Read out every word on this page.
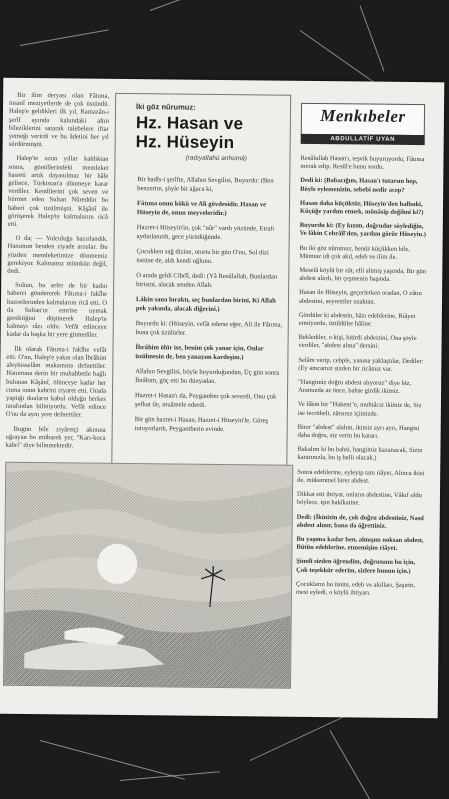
Bir ilim deryası olan Fâtıma, insanî meziyetlerde de çok üstündü. Halep'e geldikleri ilk yıl, Ramazân-ı şerîf ayında kalundaki altın bileziklerini satarak talebelere iftar yemeği verirdi ve bu âdetini her yıl sürdürmüştü.

Halep'te uzun yıllar kaldıktan sonra, gönüllerindeki memleket hasreti artık dayanılmaz bir hâle gelince, Türkistan'a dönmeye karar verdiler. Kendilerini çok seven ve hürmet eden Sultan Nûreddin bu haberi çok üzülmüştü. Kâşânî ile görüşerek Halep'te kalmalarını ricâ etti.

O da; — Yolculuğa hazırlandık. Hanımım benden ziyade arzular. Bu yüzden memleketimize dönmemiz gerekiyor. Kalmamız mümkün değil, dedi.

Sultan, bu sefer de bir kadın haberci göndererek Fâtıma-i fakîhe hazretlerinden kalmalarını ricâ etti. O da Sultan'ın emrine uymak gerektiğini düşünerek Halep'te kalmayı râzı oldu. Vefât edinceye kadar da başka bir yere gitmediler.

İlk olarak Fâtıma-i fakîhe vefât etti. O'nu, Halep'e yakın olan İbrâhim aleyhisselâm makamına defnettiler. Hanımına derin bir muhabbetle bağlı bulunan Kâşânî, ölünceye kadar her cuma onun kabrini ziyaret etti. Orada yaptığı duaların kabul olduğu herkes tarafından biliniyordu. Vefât edince O'nu da aynı yere defnettiler.

Bugün bile ziyâretçi akınına uğrayan bu mübarek yer, "Karı-koca kabri" diye bilinmektedir.

İki göz nûrumuz:
Hz. Hasan ve
Hz. Hüseyin
(radıyallahü anhümâ)

Bir hadîs-i şerîfte, Allahın Sevgilisi, Buyurdu: (Ben benzerim, şöyle bir ağaca ki,

Fâtıma onun kökü ve Ali gövdesidir, Hasan ve Hüseyin de, onun meyveleridir.)

Hazret-i Hüseyin'in, çok "nûr" vardı yüzünde, Etrafı aydınlanırdı, gece yürüdüğünde.

Çocukken sağ dizine, oturtu bir gün O'nu, Sol dizi üstüne de, aldı kendi oğlunu.

O arada geldi Cibrîl, dedi: (Yâ Resûlallah, Bunlardan birisini, alacak senden Allah.

Lâkin sana bıraktı, seç bunlardan birini, Ki Allah pek yakında, alacak diğerini.)

Buyurdu ki: (Hüseyin, vefât ederse eğer, Ali ile Fâtıma, buna çok üzülürler.

İbrâhim ölür ise, benim çok yanar için, Onlar üzülmesin de, ben yanayım kardeşim.)

Allahın Sevgilisi, böyle buyurduğundan, Üç gün sonra İbrâhim, göç etti bu dünyadan.

Hazret-i Hasan'ı da, Peygamber çok severdi, Onu çok şefkat ile, muâmele ederdi.

Bir gün hazret-i Hasan, Hazret-i Hüseyin'le, Güreş tutuyorlardı, Peygamberin evinde.

Menkıbeler
ABDULLATİF UYAN

Resûlullah Hasan'ı, teşvik buyuruyordu, Fâtıma merak edip, Resûl'e bunu sordu.

Dedi ki: (Babacığım, Hasan'ı tutarsın hep, Böyle eylemenizin, sebebi nedir acep?

Hasan daha küçüktür, Hüseyin'den halbuki, Küçüğe yardım etmek, münâsip değilmi ki?)

Buyurdu ki: (Ey kızım, doğrudur söylediğin, Ve lâkin Cebrâîl'den, yardım görür Hüseyin.)

Bu iki göz nûrumuz, henüz küçükken bile, Mümtaz idi çok akıl, edeb ve ilim ile.

Meselâ köylü bir zât, elli altmış yaşında, Bir gün abdest alırdı, bir çeşmenin başında.

Hasan ile Hüseyin, geçerlerken oradan, O zâtın abdestini, seyrettiler uzaktan.

Gördüler ki abdestin, bâzı edeblerine, Riâyet etmiyordu, üzüldüler hâline.

Beklediler, o kişi, bitirdi abdestini, Ona şöyle verdiler, "abdest alma" dersini:

Selâm verip, cebple, yanına yaklaştılar, Dediler: (Ey amcamız sizden bir ricâmız var.

"Hangimiz doğru abdest alıyoruz" diye biz, Aramızda az önce, bahse girdik ikimiz.

Ve lâkin bir "Hakem"e, muhtâcız ikimiz de, Siz ise tecrübeli, zâtsınız içimizde.

Birer "abdest" alalım, ikimiz ayrı ayrı, Hangisi daha doğru, siz verin bu kararı.

Bakalım ki bu bahsi, hangimiz kazanacak, Sizin kararınızla, bu iş belli olacak.)

Sonra edeblerine, eyleyip tam riâyet, Alınca ikisi de, mükemmel birer abdest.

Dikkat etti ihtiyar, onların abdestine, Vâkıf oldu böylece, işin hakîkatine.

Dedi: (İkinizin de, çok doğru abdestiniz, Nasıl abdest alınır, bana da öğrettiniz.

Bu yaşıma kadar ben, almışım noksan abdest, Bütün edeblerine, etmemişim riâyet.

Şimdi sizden öğrendim, doğrusunu bu için, Çok teşekkür ederim, sizlere bunun için.)

Çocukların bu üstün, edeb ve akılları, Şaşırttı, mest eyledi, o köylü ihtiyarı.
